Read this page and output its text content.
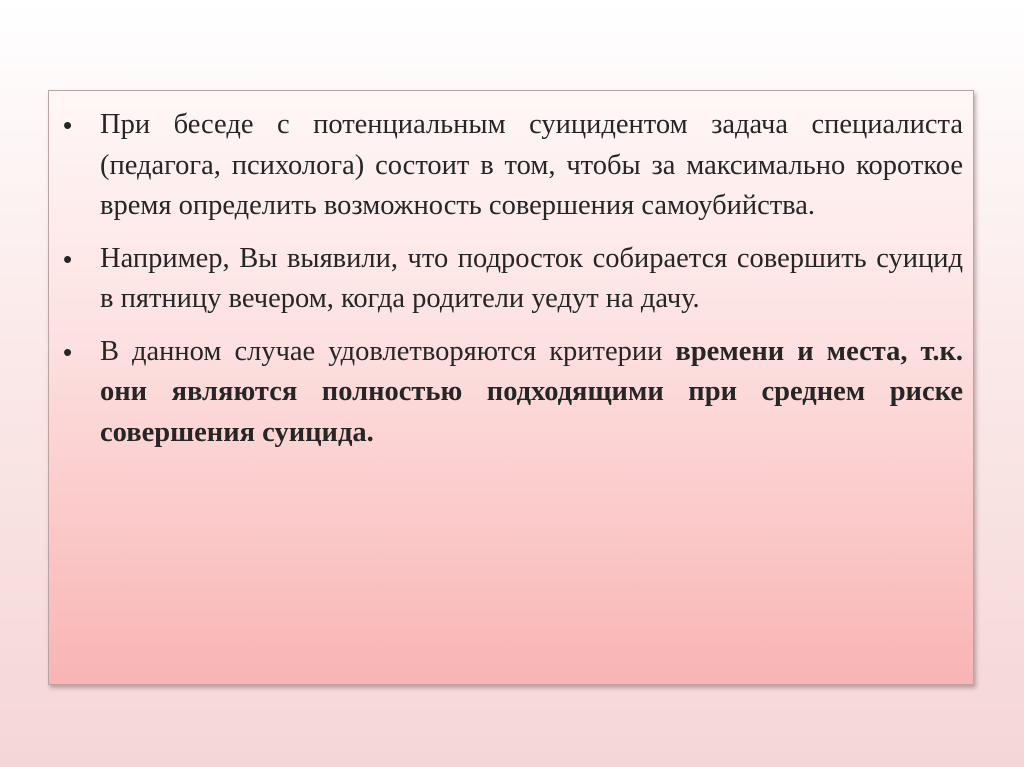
• При беседе с потенциальным суицидентом задача специалиста (педагога, психолога) состоит в том, чтобы за максимально короткое время определить возможность совершения самоубийства.
• Например, Вы выявили, что подросток собирается совершить суицид в пятницу вечером, когда родители уедут на дачу.
• В данном случае удовлетворяются критерии времени и места, т.к. они являются полностью подходящими при среднем риске совершения суицида.
